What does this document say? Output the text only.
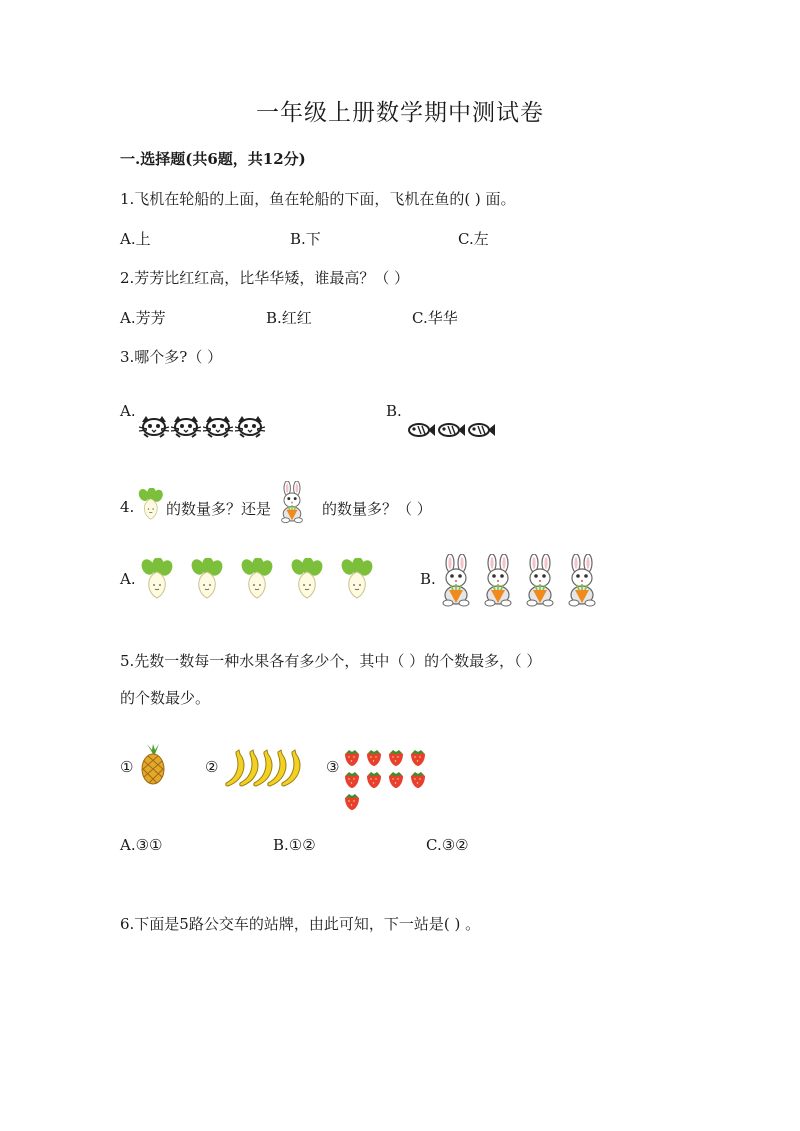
一年级上册数学期中测试卷
一.选择题(共6题，共12分)
1.飞机在轮船的上面，鱼在轮船的下面，飞机在鱼的( ) 面。
A.上	B.下	C.左
2.芳芳比红红高，比华华矮，谁最高？（ ）
A.芳芳	B.红红	C.华华
3.哪个多?（ ）
A.	B.
4. 的数量多？还是	的数量多？（ ）
A.	B.
5.先数一数每一种水果各有多少个，其中（ ）的个数最多，（ ）
的个数最少。
①	②	③
A.③①	B.①②	C.③②
6.下面是5路公交车的站牌，由此可知，下一站是( ) 。
